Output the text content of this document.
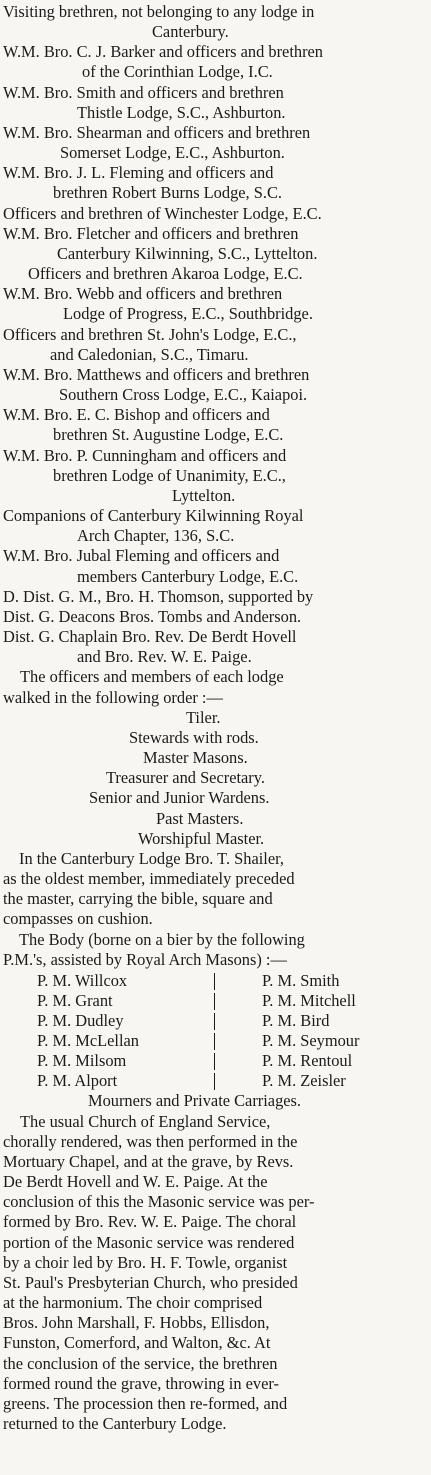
Visiting brethren, not belonging to any lodge in
Canterbury.
W.M. Bro. C. J. Barker and officers and brethren
of the Corinthian Lodge, I.C.
W.M. Bro. Smith and officers and brethren
Thistle Lodge, S.C., Ashburton.
W.M. Bro. Shearman and officers and brethren
Somerset Lodge, E.C., Ashburton.
W.M. Bro. J. L. Fleming and officers and
brethren Robert Burns Lodge, S.C.
Officers and brethren of Winchester Lodge, E.C.
W.M. Bro. Fletcher and officers and brethren
Canterbury Kilwinning, S.C., Lyttelton.
Officers and brethren Akaroa Lodge, E.C.
W.M. Bro. Webb and officers and brethren
Lodge of Progress, E.C., Southbridge.
Officers and brethren St. John's Lodge, E.C.,
and Caledonian, S.C., Timaru.
W.M. Bro. Matthews and officers and brethren
Southern Cross Lodge, E.C., Kaiapoi.
W.M. Bro. E. C. Bishop and officers and
brethren St. Augustine Lodge, E.C.
W.M. Bro. P. Cunningham and officers and
brethren Lodge of Unanimity, E.C.,
Lyttelton.
Companions of Canterbury Kilwinning Royal
Arch Chapter, 136, S.C.
W.M. Bro. Jubal Fleming and officers and
members Canterbury Lodge, E.C.
D. Dist. G. M., Bro. H. Thomson, supported by
Dist. G. Deacons Bros. Tombs and Anderson.
Dist. G. Chaplain Bro. Rev. De Berdt Hovell
and Bro. Rev. W. E. Paige.
The officers and members of each lodge
walked in the following order :—
Tiler.
Stewards with rods.
Master Masons.
Treasurer and Secretary.
Senior and Junior Wardens.
Past Masters.
Worshipful Master.
In the Canterbury Lodge Bro. T. Shailer,
as the oldest member, immediately preceded
the master, carrying the bible, square and
compasses on cushion.
The Body (borne on a bier by the following
P.M.'s, assisted by Royal Arch Masons) :—
P. M. Willcox	P. M. Smith
P. M. Grant	P. M. Mitchell
P. M. Dudley	P. M. Bird
P. M. McLellan	P. M. Seymour
P. M. Milsom	P. M. Rentoul
P. M. Alport	P. M. Zeisler
Mourners and Private Carriages.
The usual Church of England Service,
chorally rendered, was then performed in the
Mortuary Chapel, and at the grave, by Revs.
De Berdt Hovell and W. E. Paige. At the
conclusion of this the Masonic service was per-
formed by Bro. Rev. W. E. Paige. The choral
portion of the Masonic service was rendered
by a choir led by Bro. H. F. Towle, organist
St. Paul's Presbyterian Church, who presided
at the harmonium. The choir comprised
Bros. John Marshall, F. Hobbs, Ellisdon,
Funston, Comerford, and Walton, &c. At
the conclusion of the service, the brethren
formed round the grave, throwing in ever-
greens. The procession then re-formed, and
returned to the Canterbury Lodge.
